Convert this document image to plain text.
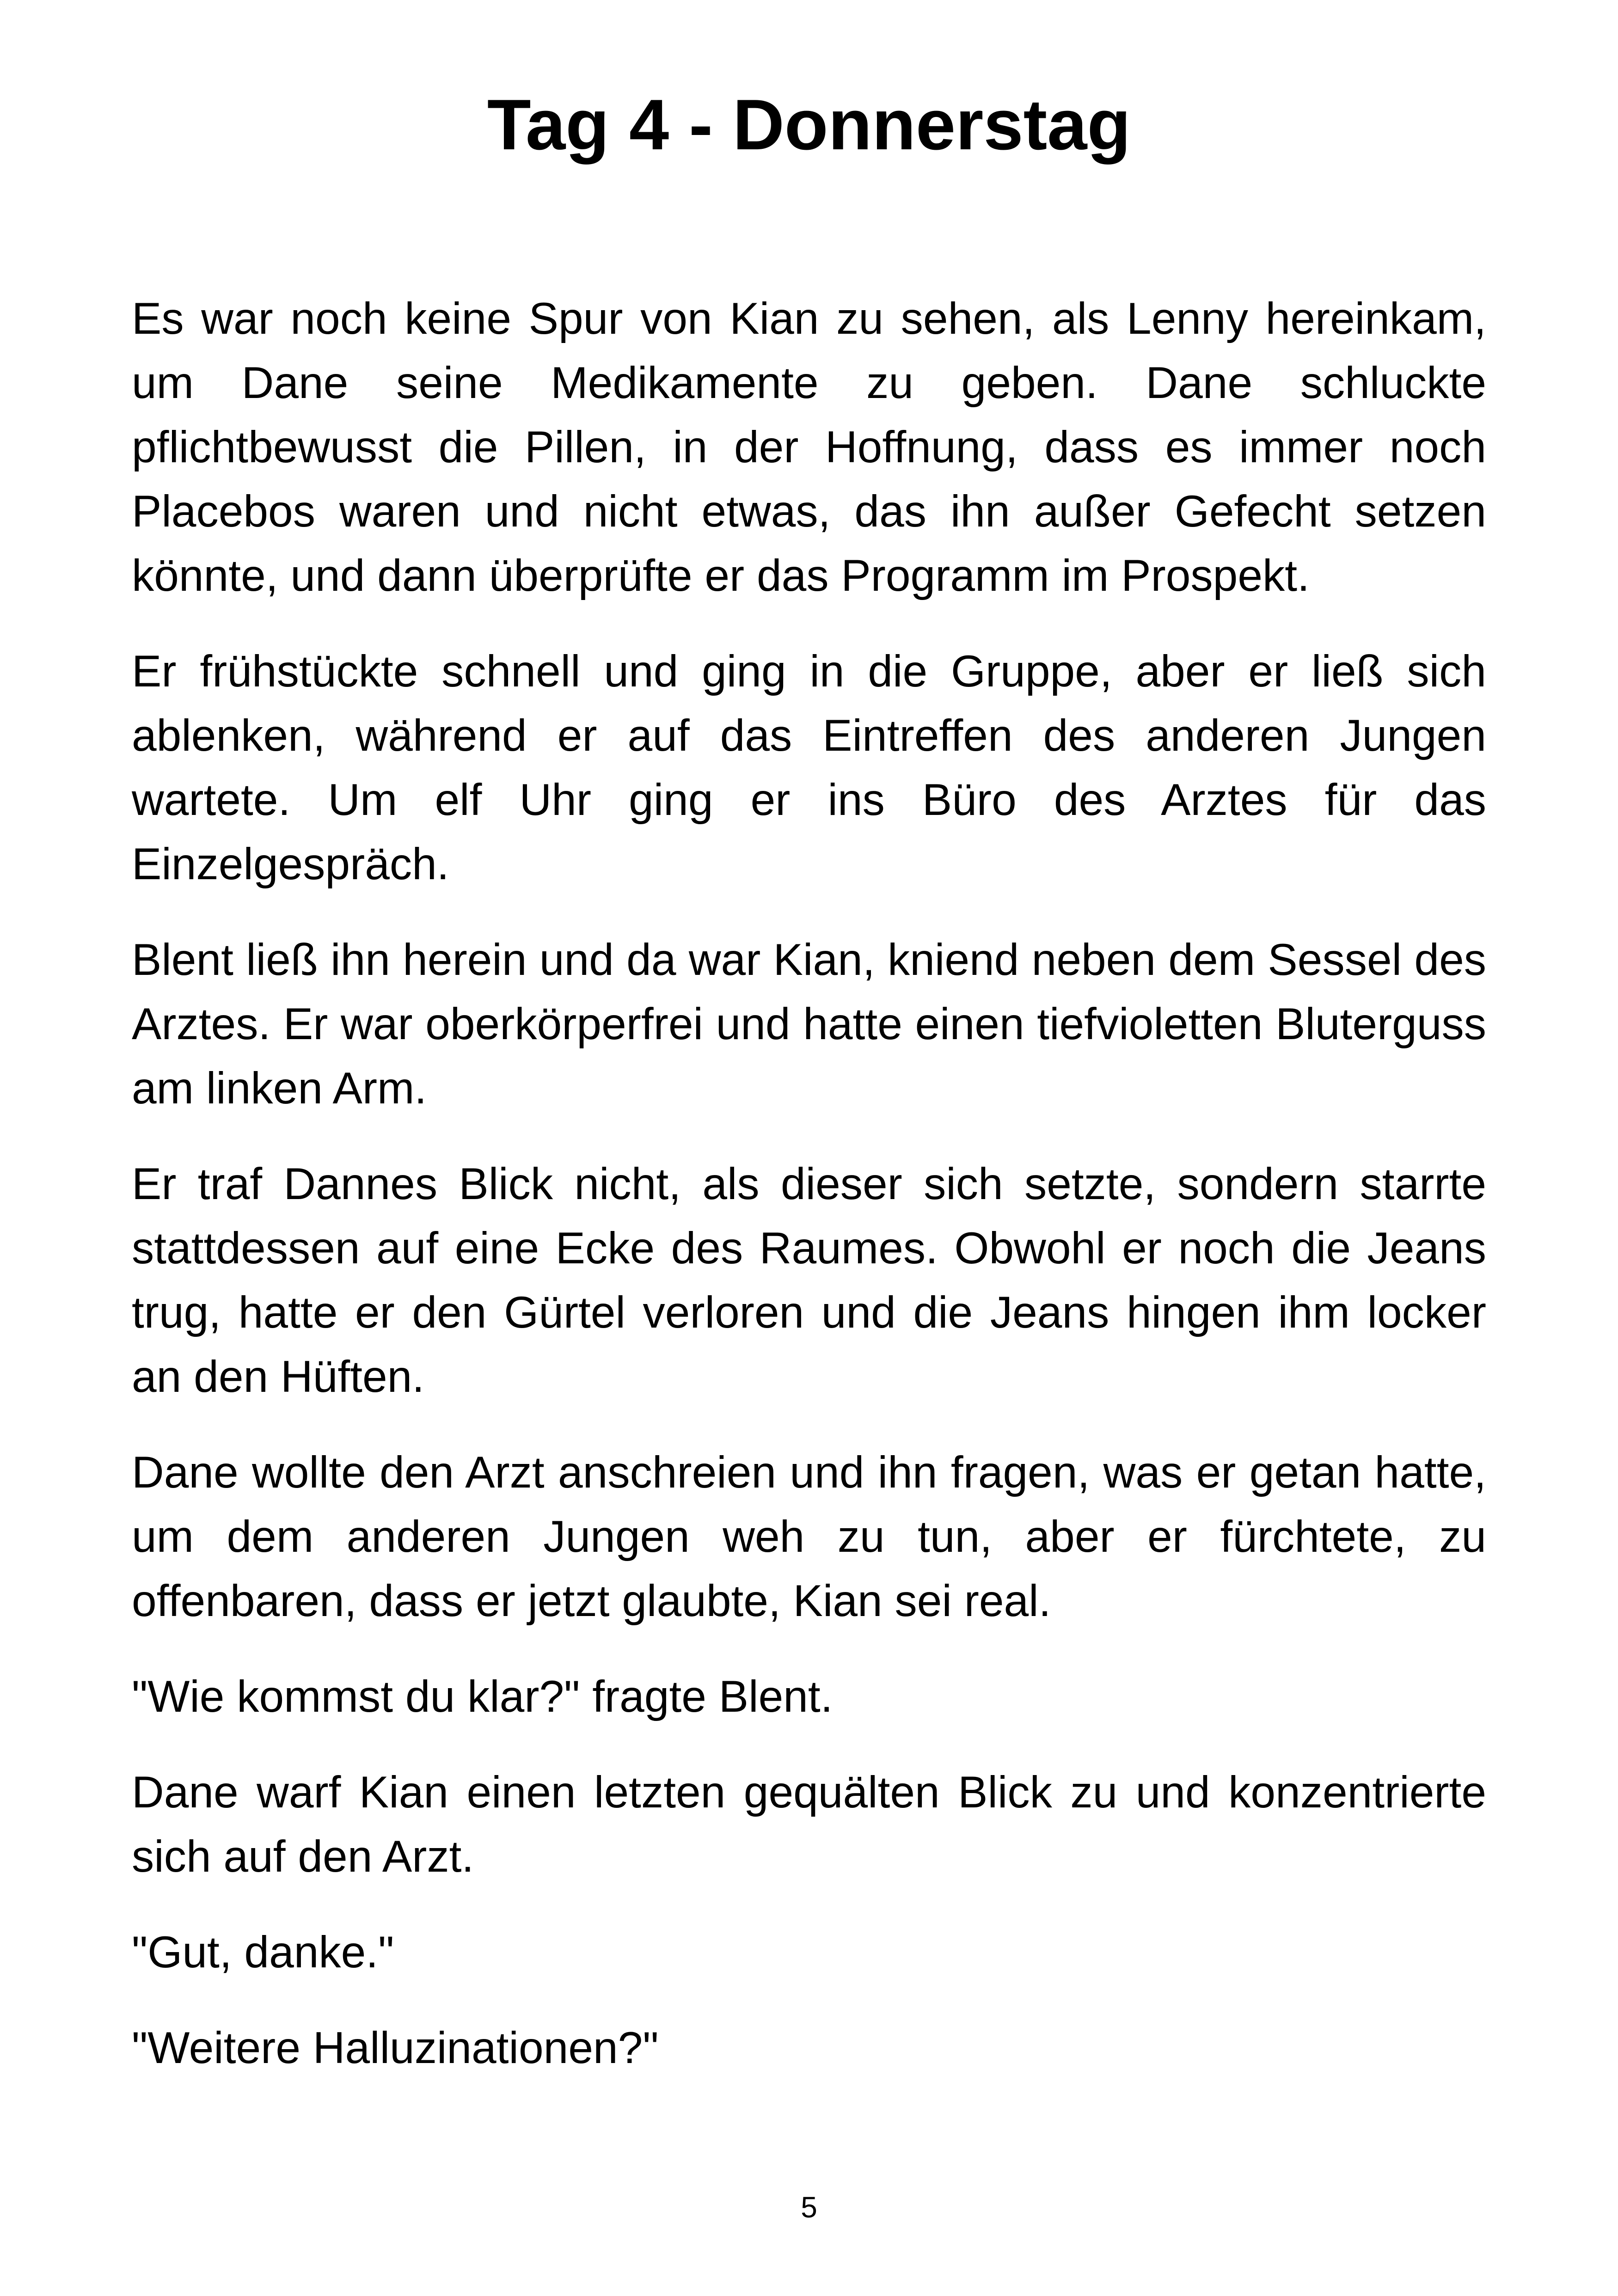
Tag 4 - Donnerstag

Es war noch keine Spur von Kian zu sehen, als Lenny hereinkam, um Dane seine Medikamente zu geben. Dane schluckte pflichtbewusst die Pillen, in der Hoffnung, dass es immer noch Placebos waren und nicht etwas, das ihn außer Gefecht setzen könnte, und dann überprüfte er das Programm im Prospekt.

Er frühstückte schnell und ging in die Gruppe, aber er ließ sich ablenken, während er auf das Eintreffen des anderen Jungen wartete. Um elf Uhr ging er ins Büro des Arztes für das Einzelgespräch.

Blent ließ ihn herein und da war Kian, kniend neben dem Sessel des Arztes. Er war oberkörperfrei und hatte einen tiefvioletten Bluterguss am linken Arm.

Er traf Dannes Blick nicht, als dieser sich setzte, sondern starrte stattdessen auf eine Ecke des Raumes. Obwohl er noch die Jeans trug, hatte er den Gürtel verloren und die Jeans hingen ihm locker an den Hüften.

Dane wollte den Arzt anschreien und ihn fragen, was er getan hatte, um dem anderen Jungen weh zu tun, aber er fürchtete, zu offenbaren, dass er jetzt glaubte, Kian sei real.

"Wie kommst du klar?" fragte Blent.

Dane warf Kian einen letzten gequälten Blick zu und konzentrierte sich auf den Arzt.

"Gut, danke."

"Weitere Halluzinationen?"

5
